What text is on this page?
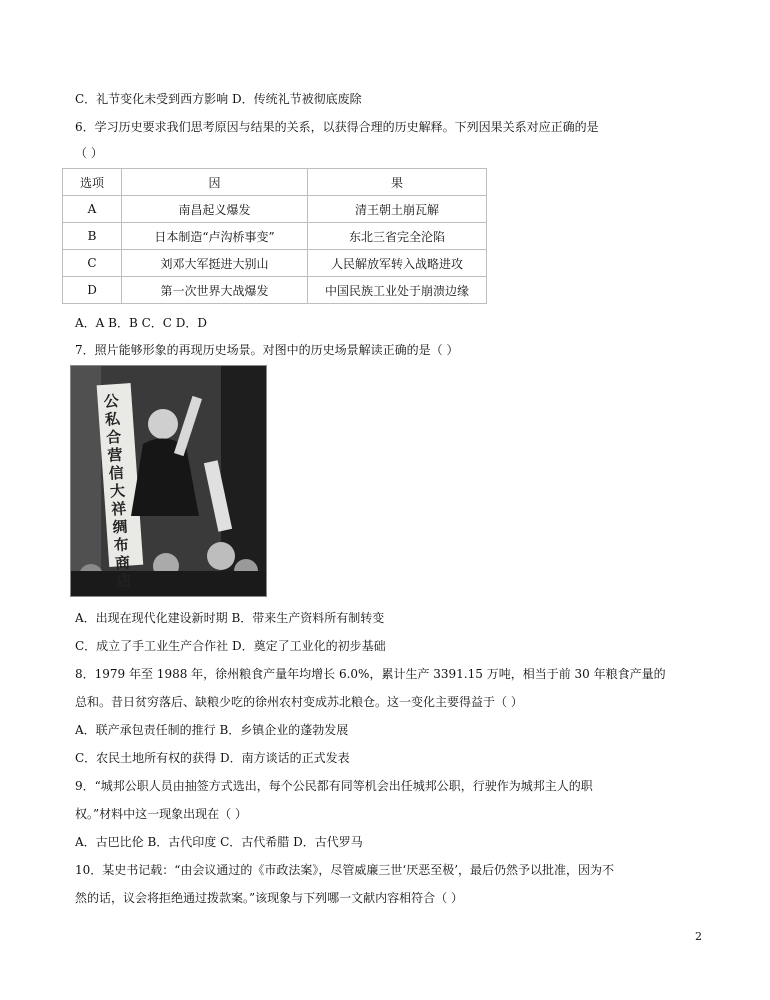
C．礼节变化未受到西方影响 D．传统礼节被彻底废除
6．学习历史要求我们思考原因与结果的关系，以获得合理的历史解释。下列因果关系对应正确的是
（ ）
选项	因	果
A	南昌起义爆发	清王朝土崩瓦解
B	日本制造“卢沟桥事变”	东北三省完全沦陷
C	刘邓大军挺进大别山	人民解放军转入战略进攻
D	第一次世界大战爆发	中国民族工业处于崩溃边缘
A．A B．B C．C D．D
7．照片能够形象的再现历史场景。对图中的历史场景解读正确的是（ ）
公私合营信大祥绸布商店
A．出现在现代化建设新时期 B．带来生产资料所有制转变
C．成立了手工业生产合作社 D．奠定了工业化的初步基础
8．1979 年至 1988 年，徐州粮食产量年均增长 6.0%，累计生产 3391.15 万吨，相当于前 30 年粮食产量的
总和。昔日贫穷落后、缺粮少吃的徐州农村变成苏北粮仓。这一变化主要得益于（ ）
A．联产承包责任制的推行 B．乡镇企业的蓬勃发展
C．农民土地所有权的获得 D．南方谈话的正式发表
9．“城邦公职人员由抽签方式选出，每个公民都有同等机会出任城邦公职，行驶作为城邦主人的职
权。”材料中这一现象出现在（ ）
A．古巴比伦 B．古代印度 C．古代希腊 D．古代罗马
10．某史书记载：“由会议通过的《市政法案》，尽管威廉三世‘厌恶至极’，最后仍然予以批准，因为不
然的话，议会将拒绝通过拨款案。”该现象与下列哪一文献内容相符合（ ）
2
